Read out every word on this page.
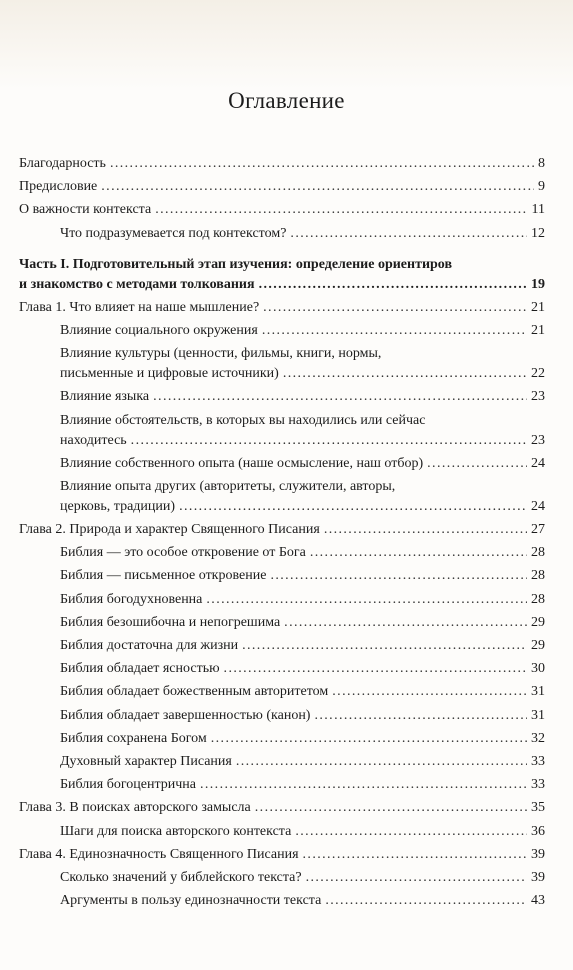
Оглавление
Благодарность .....	8
Предисловие .....	9
О важности контекста .....	11
Что подразумевается под контекстом? .....	12
Часть I. Подготовительный этап изучения: определение ориентиров
и знакомство с методами толкования .....	19
Глава 1. Что влияет на наше мышление? .....	21
Влияние социального окружения .....	21
Влияние культуры (ценности, фильмы, книги, нормы,
письменные и цифровые источники) .....	22
Влияние языка .....	23
Влияние обстоятельств, в которых вы находились или сейчас
находитесь .....	23
Влияние собственного опыта (наше осмысление, наш отбор) .....	24
Влияние опыта других (авторитеты, служители, авторы,
церковь, традиции) .....	24
Глава 2. Природа и характер Священного Писания .....	27
Библия — это особое откровение от Бога .....	28
Библия — письменное откровение .....	28
Библия богодухновенна .....	28
Библия безошибочна и непогрешима .....	29
Библия достаточна для жизни .....	29
Библия обладает ясностью .....	30
Библия обладает божественным авторитетом .....	31
Библия обладает завершенностью (канон) .....	31
Библия сохранена Богом .....	32
Духовный характер Писания .....	33
Библия богоцентрична .....	33
Глава 3. В поисках авторского замысла .....	35
Шаги для поиска авторского контекста .....	36
Глава 4. Единозначность Священного Писания .....	39
Сколько значений у библейского текста? .....	39
Аргументы в пользу единозначности текста .....	43
